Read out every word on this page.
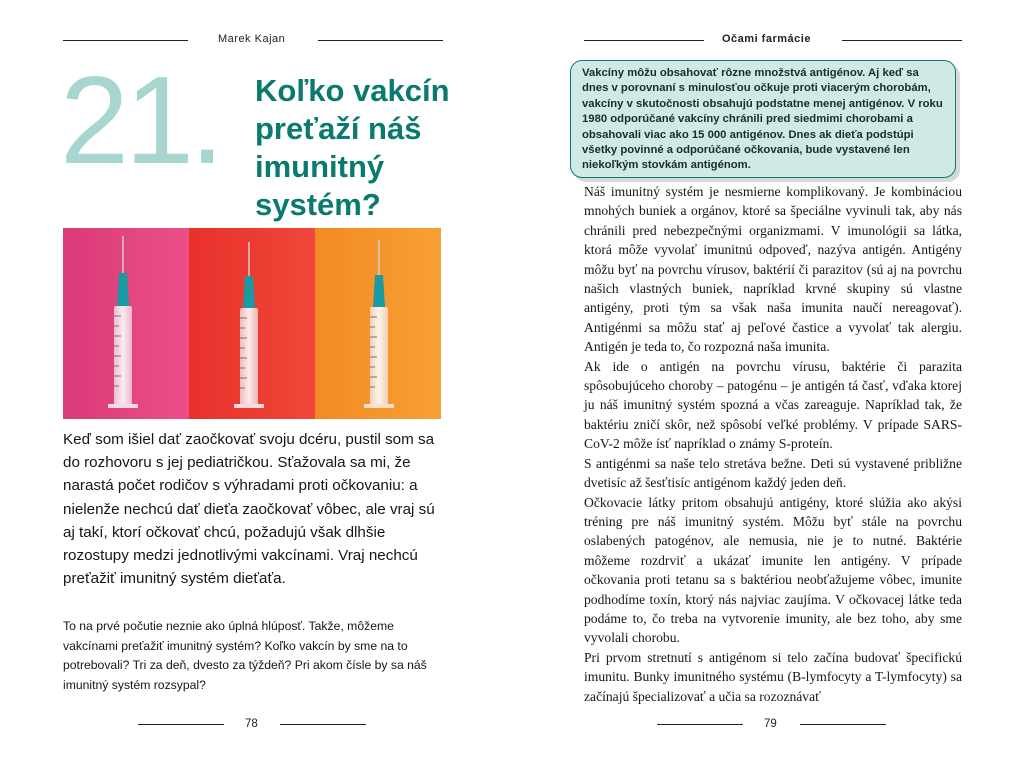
Marek Kajan
21. Koľko vakcín preťaží náš imunitný systém?
Keď som išiel dať zaočkovať svoju dcéru, pustil som sa do rozhovoru s jej pediatričkou. Sťažovala sa mi, že narastá počet rodičov s výhradami proti očkovaniu: a nielenže nechcú dať dieťa zaočkovať vôbec, ale vraj sú aj takí, ktorí očkovať chcú, požadujú však dlhšie rozostupy medzi jednotlivými vakcínami. Vraj nechcú preťažiť imunitný systém dieťaťa.
To na prvé počutie neznie ako úplná hlúposť. Takže, môžeme vakcínami preťažiť imunitný systém? Koľko vakcín by sme na to potrebovali? Tri za deň, dvesto za týždeň? Pri akom čísle by sa náš imunitný systém rozsypal?
78
Očami farmácie
Vakcíny môžu obsahovať rôzne množstvá antigénov. Aj keď sa dnes v porovnaní s minulosťou očkuje proti viacerým chorobám, vakcíny v skutočnosti obsahujú podstatne menej antigénov. V roku 1980 odporúčané vakcíny chránili pred siedmimi chorobami a obsahovali viac ako 15 000 antigénov. Dnes ak dieťa podstúpi všetky povinné a odporúčané očkovania, bude vystavené len niekoľkým stovkám antigénom.

Náš imunitný systém je nesmierne komplikovaný. Je kombináciou mnohých buniek a orgánov, ktoré sa špeciálne vyvinuli tak, aby nás chránili pred nebezpečnými organizmami. V imunológii sa látka, ktorá môže vyvolať imunitnú odpoveď, nazýva antigén. Antigény môžu byť na povrchu vírusov, baktérií či parazitov (sú aj na povrchu našich vlastných buniek, napríklad krvné skupiny sú vlastne antigény, proti tým sa však naša imunita naučí nereagovať). Antigénmi sa môžu stať aj peľové častice a vyvolať tak alergiu. Antigén je teda to, čo rozpozná naša imunita.

Ak ide o antigén na povrchu vírusu, baktérie či parazita spôsobujúceho choroby – patogénu – je antigén tá časť, vďaka ktorej ju náš imunitný systém spozná a včas zareaguje. Napríklad tak, že baktériu zničí skôr, než spôsobí veľké problémy. V prípade SARS-CoV-2 môže ísť napríklad o známy S-proteín.

S antigénmi sa naše telo stretáva bežne. Deti sú vystavené približne dvetisíc až šesťtisíc antigénom každý jeden deň.

Očkovacie látky pritom obsahujú antigény, ktoré slúžia ako akýsi tréning pre náš imunitný systém. Môžu byť stále na povrchu oslabených patogénov, ale nemusia, nie je to nutné. Baktérie môžeme rozdrviť a ukázať imunite len antigény. V prípade očkovania proti tetanu sa s baktériou neobťažujeme vôbec, imunite podhodíme toxín, ktorý nás najviac zaujíma. V očkovacej látke teda podáme to, čo treba na vytvorenie imunity, ale bez toho, aby sme vyvolali chorobu.

Pri prvom stretnutí s antigénom si telo začína budovať špecifickú imunitu. Bunky imunitného systému (B-lymfocyty a T-lymfocyty) sa začínajú špecializovať a učia sa rozoznávať

79
